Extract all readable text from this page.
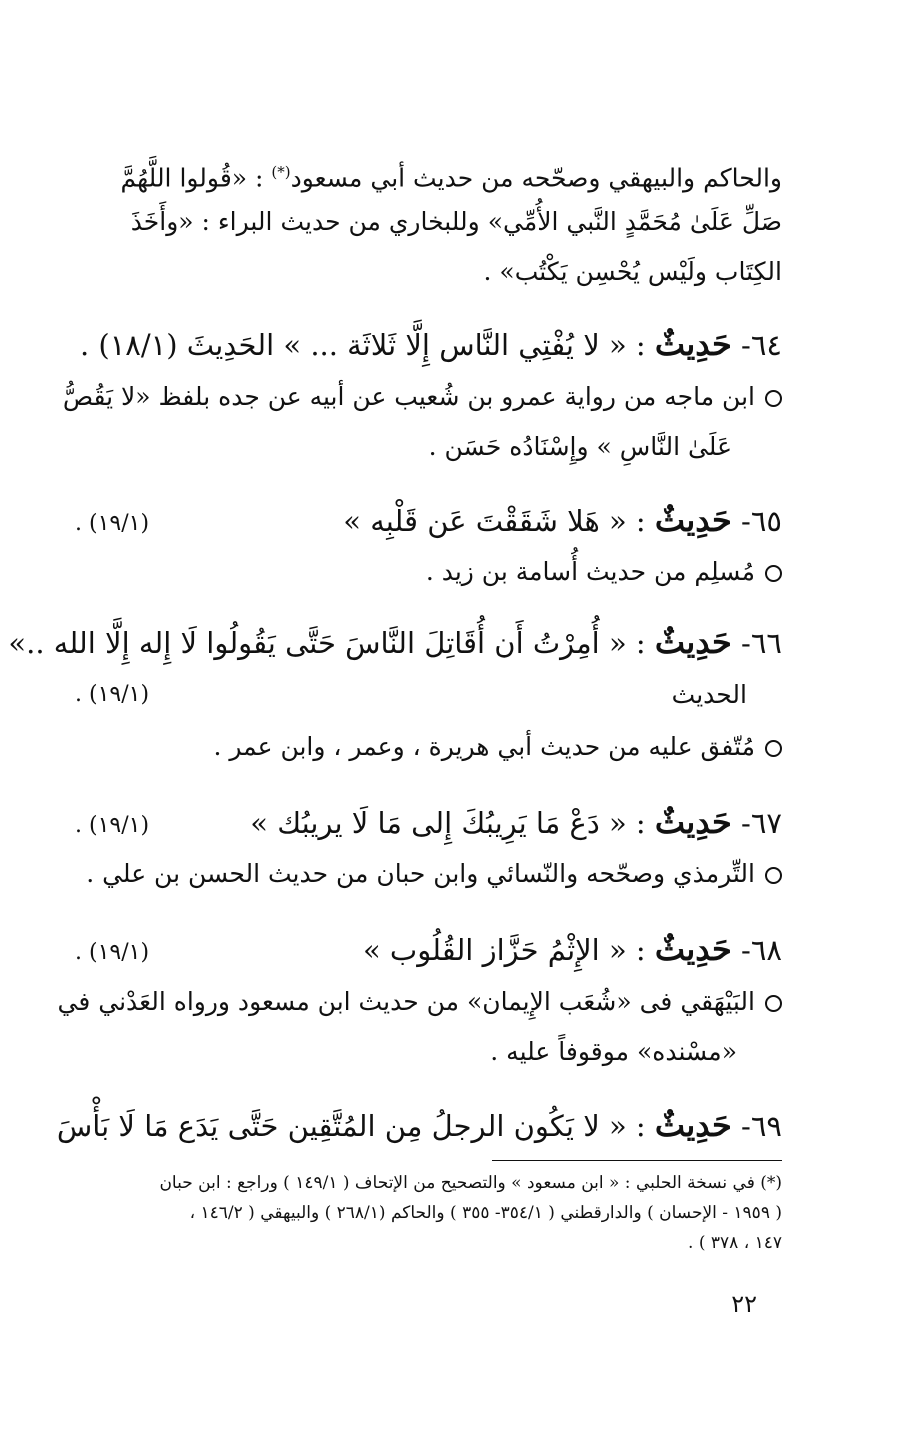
والحاكم والبيهقي وصحّحه من حديث أبي مسعود(*) : «قُولوا اللَّهُمَّ
صَلِّ عَلَىٰ مُحَمَّدٍ النَّبي الأُمِّي» وللبخاري من حديث البراء : «وأَخَذَ
الكِتَاب ولَيْس يُحْسِن يَكْتُب» .
٦٤- حَدِيثٌ : « لا يُفْتِي النَّاس إِلَّا ثَلاثَة ... » الحَدِيثَ (١٨/١) .
ابن ماجه من رواية عمرو بن شُعيب عن أبيه عن جده بلفظ «لا يَقُصُّ
عَلَىٰ النَّاسِ » وإِسْنَادُه حَسَن .
٦٥- حَدِيثٌ : « هَلا شَقَقْتَ عَن قَلْبِه »
(١٩/١) .
مُسلِم من حديث أُسامة بن زيد .
٦٦- حَدِيثٌ : « أُمِرْتُ أَن أُقَاتِلَ النَّاسَ حَتَّى يَقُولُوا لَا إِله إِلَّا الله ..»
الحديث
(١٩/١) .
مُتّفق عليه من حديث أبي هريرة ، وعمر ، وابن عمر .
٦٧- حَدِيثٌ : « دَعْ مَا يَرِيبُكَ إِلى مَا لَا يريبُك »
(١٩/١) .
التِّرمذي وصحّحه والنّسائي وابن حبان من حديث الحسن بن علي .
٦٨- حَدِيثٌ : « الإِثْمُ حَزَّاز القُلُوب »
(١٩/١) .
البَيْهَقي فى «شُعَب الإِيمان» من حديث ابن مسعود ورواه العَدْني في
«مسْنده» موقوفاً عليه .
٦٩- حَدِيثٌ : « لا يَكُون الرجلُ مِن المُتَّقِين حَتَّى يَدَع مَا لَا بَأْسَ
(*) في نسخة الحلبي : « ابن مسعود » والتصحيح من الإتحاف ( ١٤٩/١ ) وراجع : ابن حبان
( ١٩٥٩ - الإحسان ) والدارقطني ( ٣٥٤/١- ٣٥٥ ) والحاكم (٢٦٨/١ ) والبيهقي ( ١٤٦/٢ ،
١٤٧ ، ٣٧٨ ) .
٢٢
